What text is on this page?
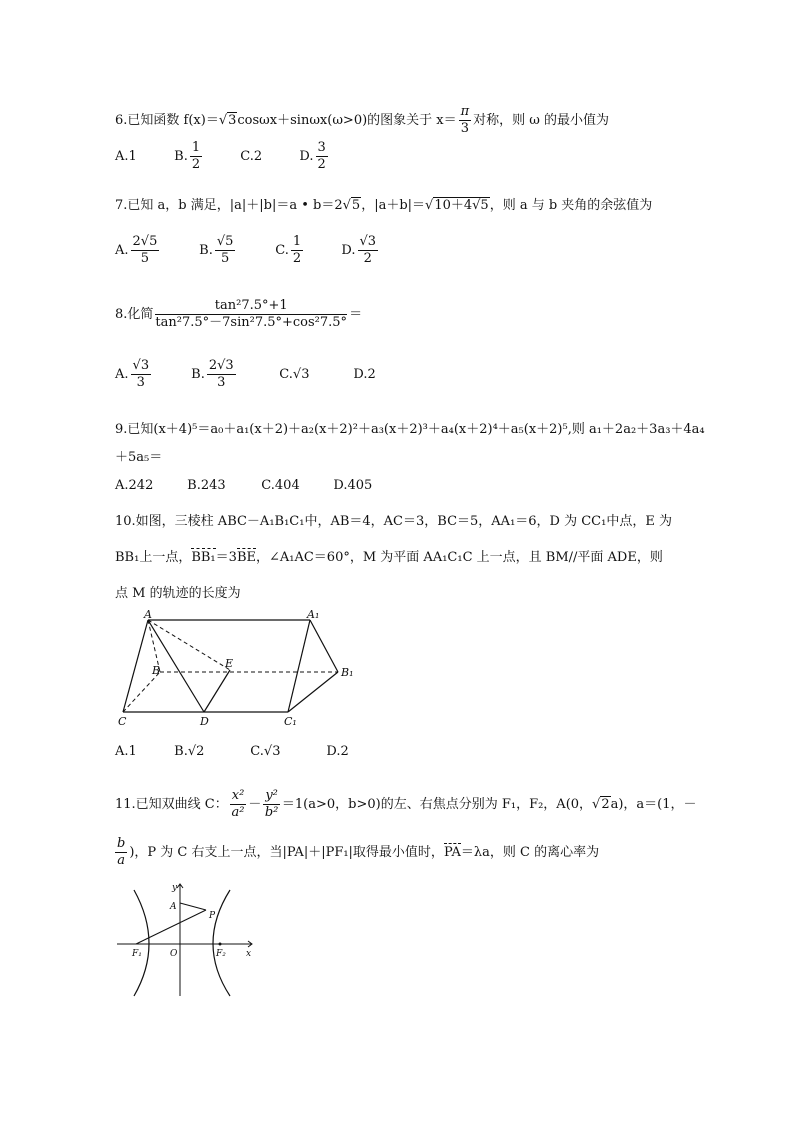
6.已知函数 f(x)＝√3cosωx＋sinωx(ω>0)的图象关于 $x= \frac{\pi}{3}$ 对称，则 ω 的最小值为
A.1	B. $\frac{1}{2}$	C.2	D. $\frac{3}{2}$
7.已知 a，b 满足，|a|＋|b|＝a • b＝2√5，|a＋b|＝√10＋4√5，则 a 与 b 夹角的余弦值为
A. $\frac{2√5}{5}$	B. $\frac{√5}{5}$	C. $\frac{1}{2}$	D. $\frac{√3}{2}$
8.化简 $\frac{\text{tan²7.5°+1}}{\text{tan²7.5°－7sin²7.5°+cos²7.5°}}$ ＝
A. $\frac{√3}{3}$	B. $\frac{2√3}{3}$	C.√3	D.2
9.已知(x＋4)⁵＝a₀＋a₁(x＋2)＋a₂(x＋2)²＋a₃(x＋2)³＋a₄(x＋2)⁴＋a₅(x＋2)⁵,则 a₁＋2a₂＋3a₃＋4a₄
＋5a₅＝
A.242	B.243	C.404	D.405
10.如图，三棱柱 ABC－A₁B₁C₁中，AB＝4，AC＝3，BC＝5，AA₁＝6，D 为 CC₁中点，E 为
BB₁上一点，BB₁＝3BE，∠A₁AC＝60°，M 为平面 AA₁C₁C 上一点，且 BM//平面 ADE，则
点 M 的轨迹的长度为
A	A₁
B
E
B₁
C	D	C₁
A.1	B.√2	C.√3	D.2
11.已知双曲线 C： $\frac{\text{x²}}{\text{a²}} - \frac{\text{y²}}{\text{b²}} =1(a>0$，b>0)的左、右焦点分别为 F₁，F₂，A(0，√2a)，a＝(1，－
$\frac{b}{a}$ )，P 为 C 右支上一点，当|PA|＋|PF₁|取得最小值时，PA＝λa，则 C 的离心率为
y
A
P
F₁	O	F₂ x
